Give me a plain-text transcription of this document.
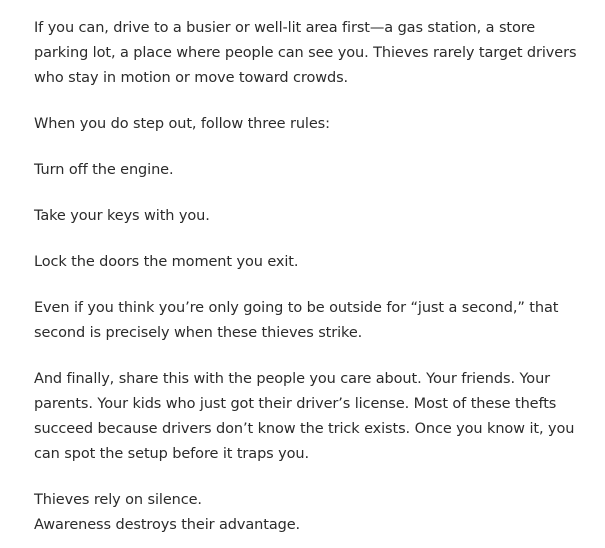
If you can, drive to a busier or well-lit area first—a gas station, a store parking lot, a place where people can see you. Thieves rarely target drivers who stay in motion or move toward crowds.

When you do step out, follow three rules:

Turn off the engine.

Take your keys with you.

Lock the doors the moment you exit.

Even if you think you’re only going to be outside for “just a second,” that second is precisely when these thieves strike.

And finally, share this with the people you care about. Your friends. Your parents. Your kids who just got their driver’s license. Most of these thefts succeed because drivers don’t know the trick exists. Once you know it, you can spot the setup before it traps you.

Thieves rely on silence.
Awareness destroys their advantage.
